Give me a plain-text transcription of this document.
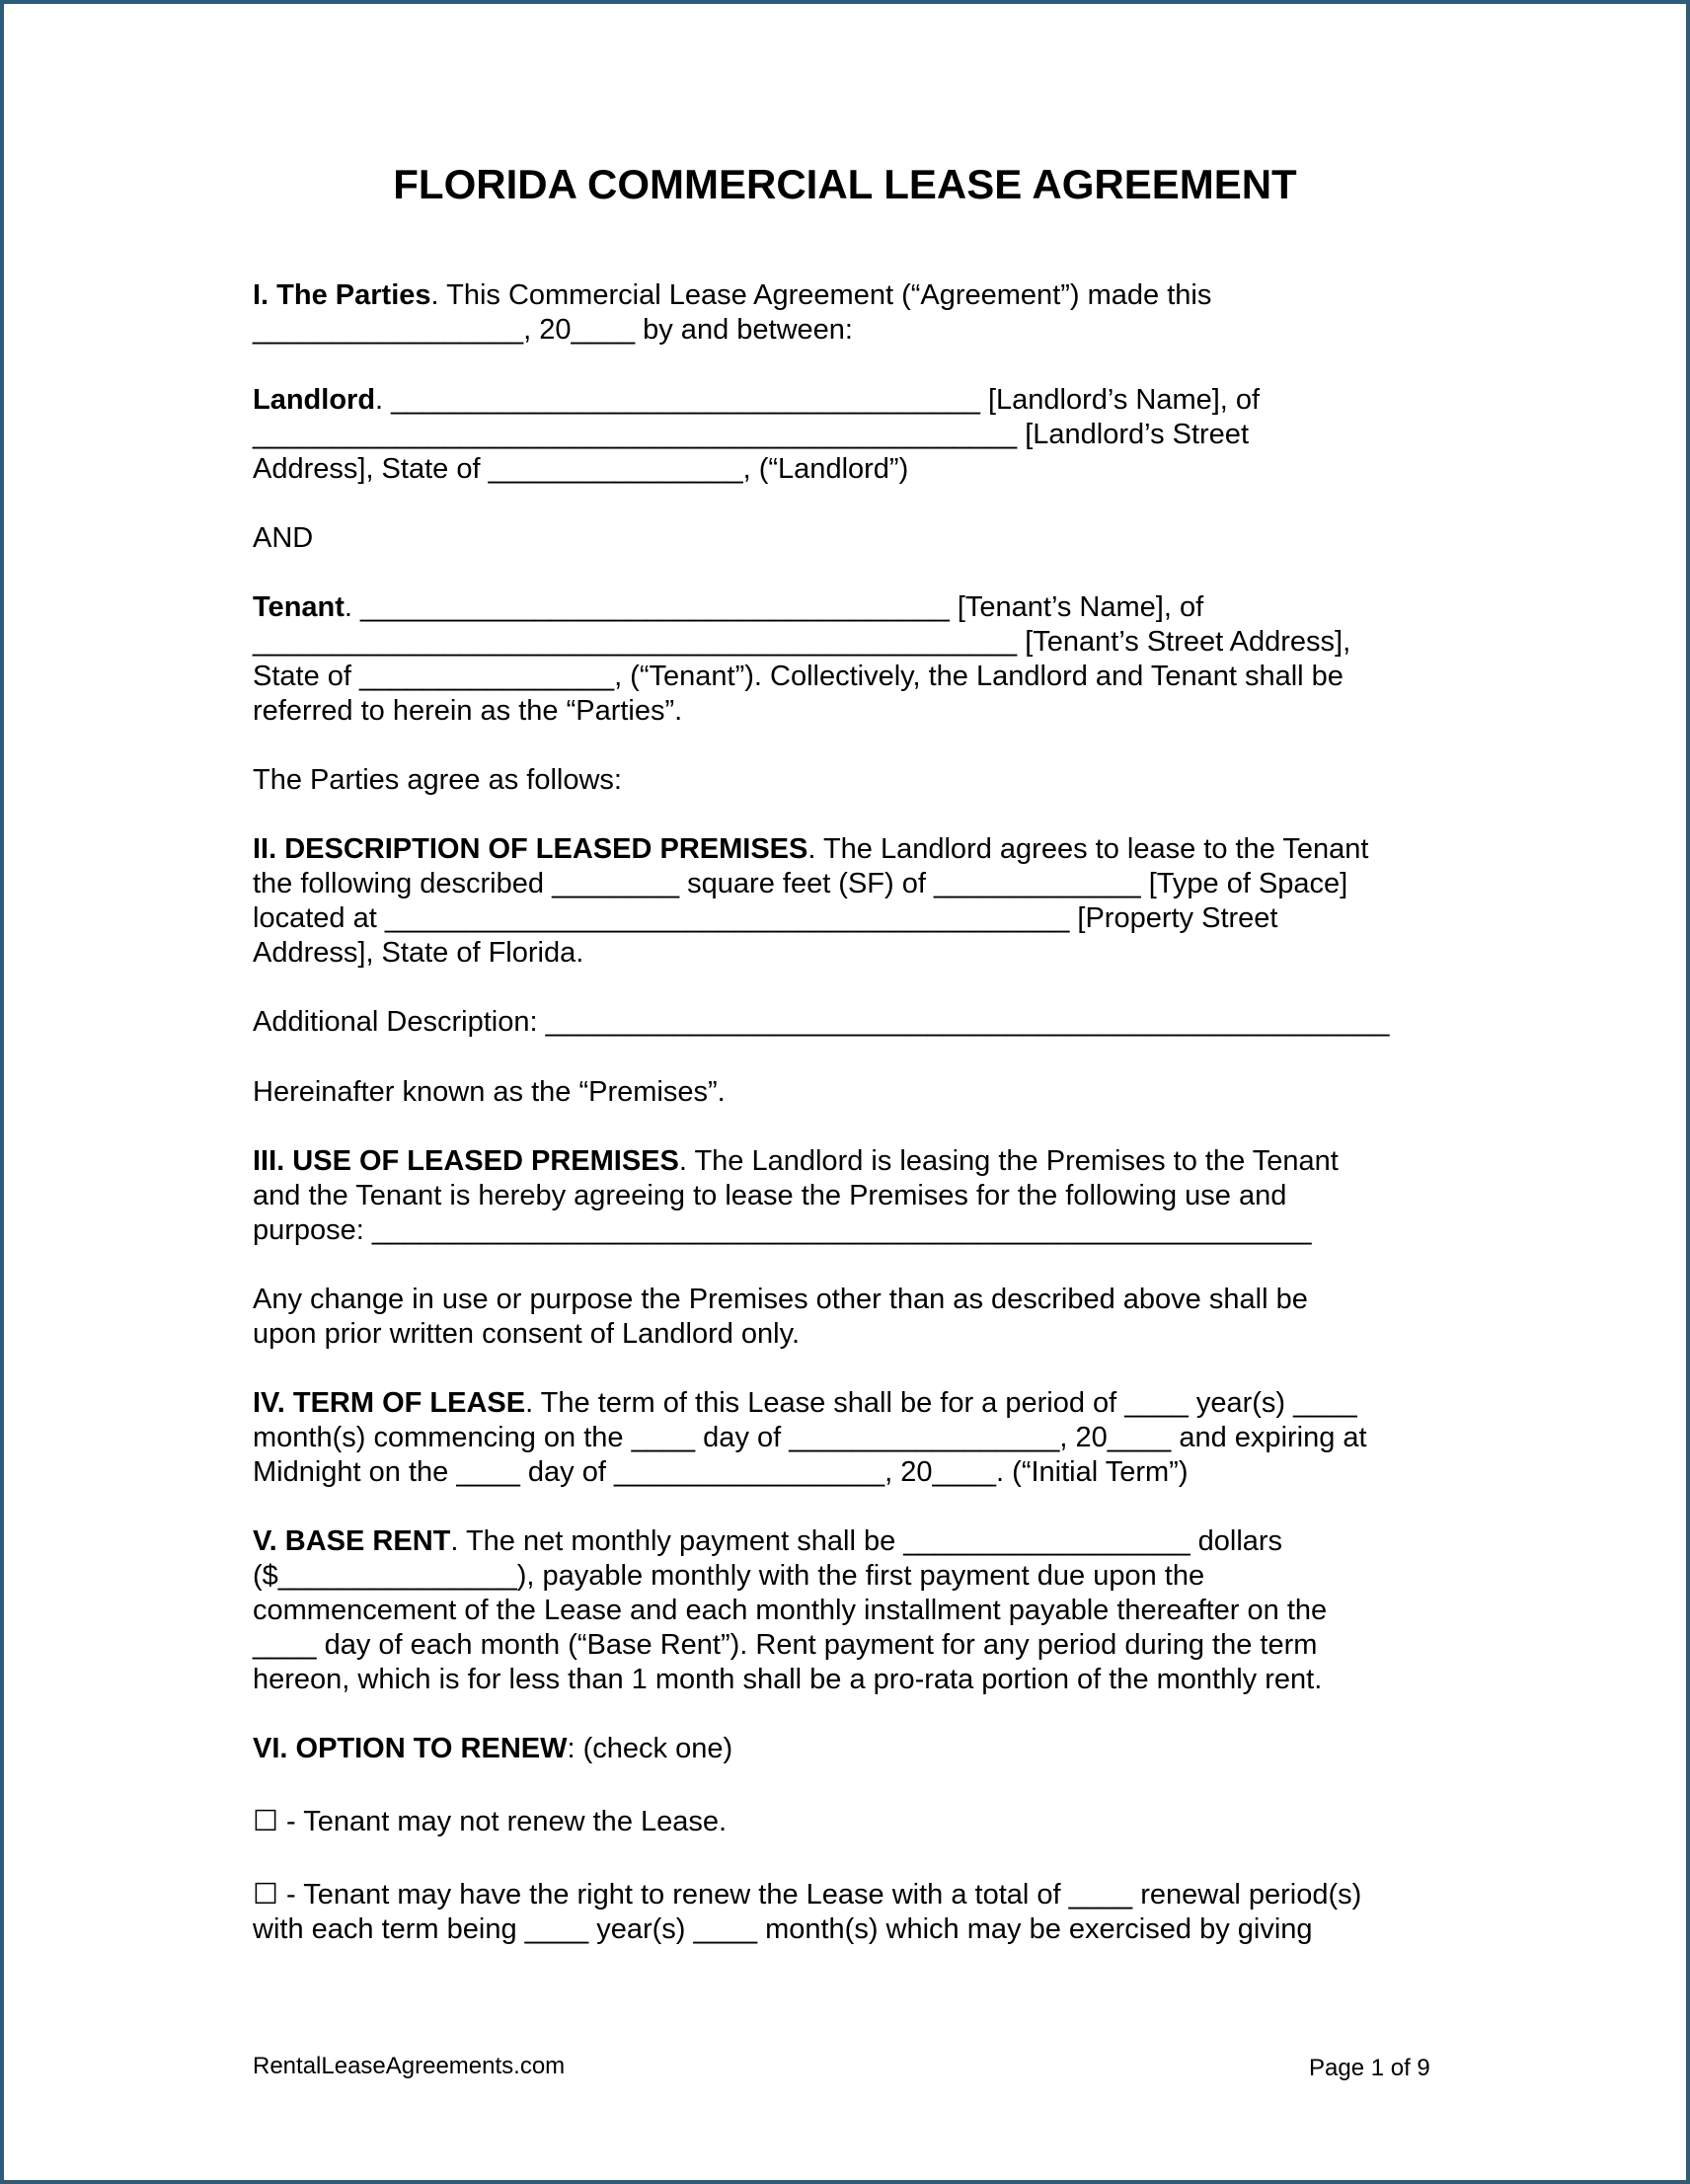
FLORIDA COMMERCIAL LEASE AGREEMENT
I. The Parties. This Commercial Lease Agreement (“Agreement”) made this
_________________, 20____ by and between:
Landlord. _____________________________________ [Landlord’s Name], of
________________________________________________ [Landlord’s Street
Address], State of ________________, (“Landlord”)
AND
Tenant. _____________________________________ [Tenant’s Name], of
________________________________________________ [Tenant’s Street Address],
State of ________________, (“Tenant”). Collectively, the Landlord and Tenant shall be
referred to herein as the “Parties”.
The Parties agree as follows:
II. DESCRIPTION OF LEASED PREMISES. The Landlord agrees to lease to the Tenant
the following described ________ square feet (SF) of _____________ [Type of Space]
located at ___________________________________________ [Property Street
Address], State of Florida.
Additional Description: _____________________________________________________
Hereinafter known as the “Premises”.
III. USE OF LEASED PREMISES. The Landlord is leasing the Premises to the Tenant
and the Tenant is hereby agreeing to lease the Premises for the following use and
purpose: ___________________________________________________________
Any change in use or purpose the Premises other than as described above shall be
upon prior written consent of Landlord only.
IV. TERM OF LEASE. The term of this Lease shall be for a period of ____ year(s) ____
month(s) commencing on the ____ day of _________________, 20____ and expiring at
Midnight on the ____ day of _________________, 20____. (“Initial Term”)
V. BASE RENT. The net monthly payment shall be __________________ dollars
($_______________), payable monthly with the first payment due upon the
commencement of the Lease and each monthly installment payable thereafter on the
____ day of each month (“Base Rent”). Rent payment for any period during the term
hereon, which is for less than 1 month shall be a pro-rata portion of the monthly rent.
VI. OPTION TO RENEW: (check one)
☐ - Tenant may not renew the Lease.
☐ - Tenant may have the right to renew the Lease with a total of ____ renewal period(s)
with each term being ____ year(s) ____ month(s) which may be exercised by giving
RentalLeaseAgreements.com	Page 1 of 9
